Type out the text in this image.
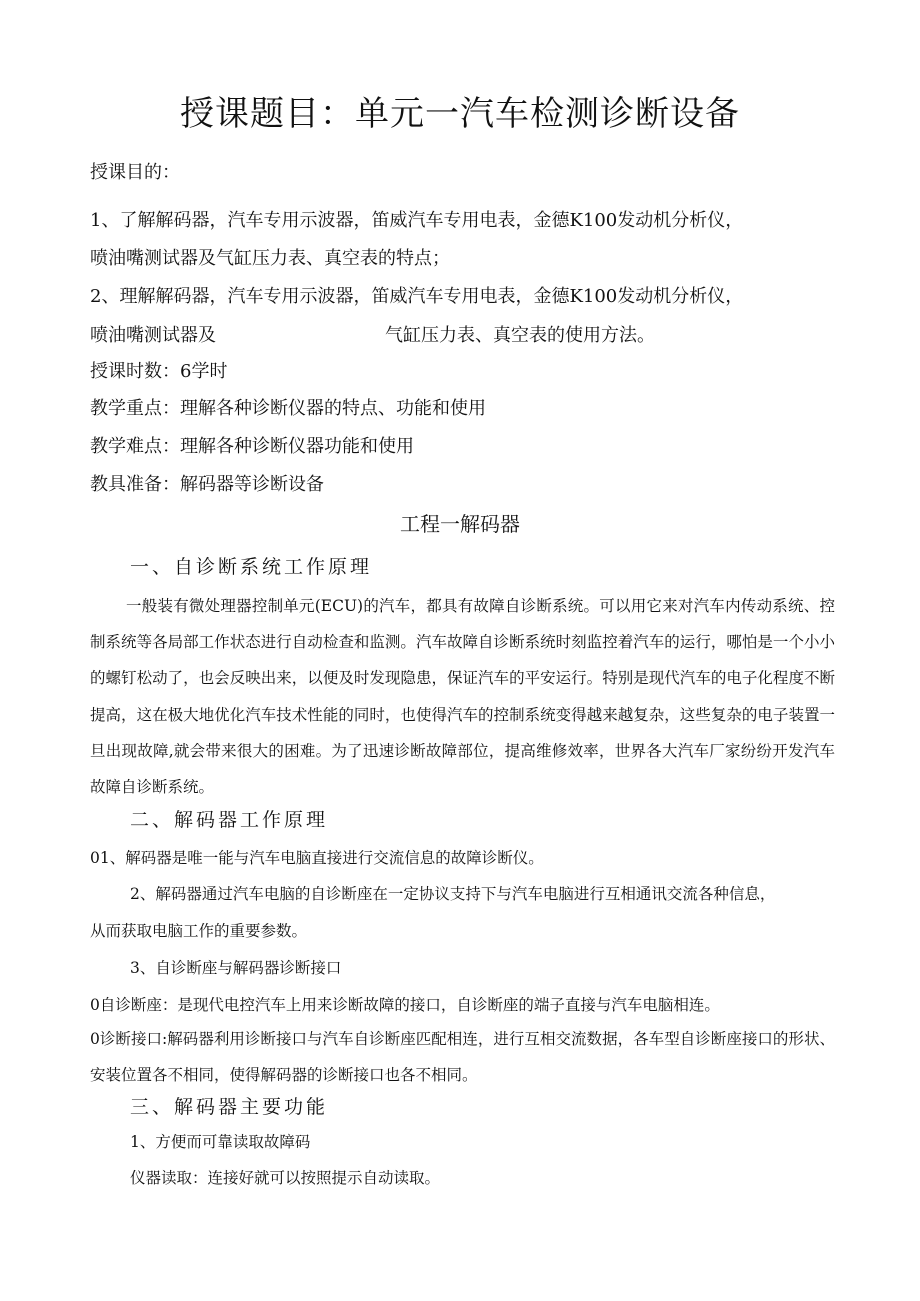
授课题目：单元一汽车检测诊断设备
授课目的：
1、了解解码器，汽车专用示波器，笛威汽车专用电表，金德K100发动机分析仪，
喷油嘴测试器及气缸压力表、真空表的特点；
2、理解解码器，汽车专用示波器，笛威汽车专用电表，金德K100发动机分析仪，
喷油嘴测试器及	气缸压力表、真空表的使用方法。
授课时数：6学时
教学重点：理解各种诊断仪器的特点、功能和使用
教学难点：理解各种诊断仪器功能和使用
教具准备：解码器等诊断设备
工程一解码器
一、自诊断系统工作原理
一般装有微处理器控制单元(ECU)的汽车，都具有故障自诊断系统。可以用它来对汽车内传动系统、控制系统等各局部工作状态进行自动检查和监测。汽车故障自诊断系统时刻监控着汽车的运行，哪怕是一个小小的螺钉松动了，也会反映出来，以便及时发现隐患，保证汽车的平安运行。特别是现代汽车的电子化程度不断提高，这在极大地优化汽车技术性能的同时，也使得汽车的控制系统变得越来越复杂，这些复杂的电子装置一旦出现故障,就会带来很大的困难。为了迅速诊断故障部位，提高维修效率，世界各大汽车厂家纷纷开发汽车故障自诊断系统。
二、解码器工作原理
01、解码器是唯一能与汽车电脑直接进行交流信息的故障诊断仪。
2、解码器通过汽车电脑的自诊断座在一定协议支持下与汽车电脑进行互相通讯交流各种信息，
从而获取电脑工作的重要参数。
3、自诊断座与解码器诊断接口
0自诊断座：是现代电控汽车上用来诊断故障的接口，自诊断座的端子直接与汽车电脑相连。
0诊断接口:解码器利用诊断接口与汽车自诊断座匹配相连，进行互相交流数据，各车型自诊断座接口的形状、安装位置各不相同，使得解码器的诊断接口也各不相同。
三、解码器主要功能
1、方便而可靠读取故障码
仪器读取：连接好就可以按照提示自动读取。
